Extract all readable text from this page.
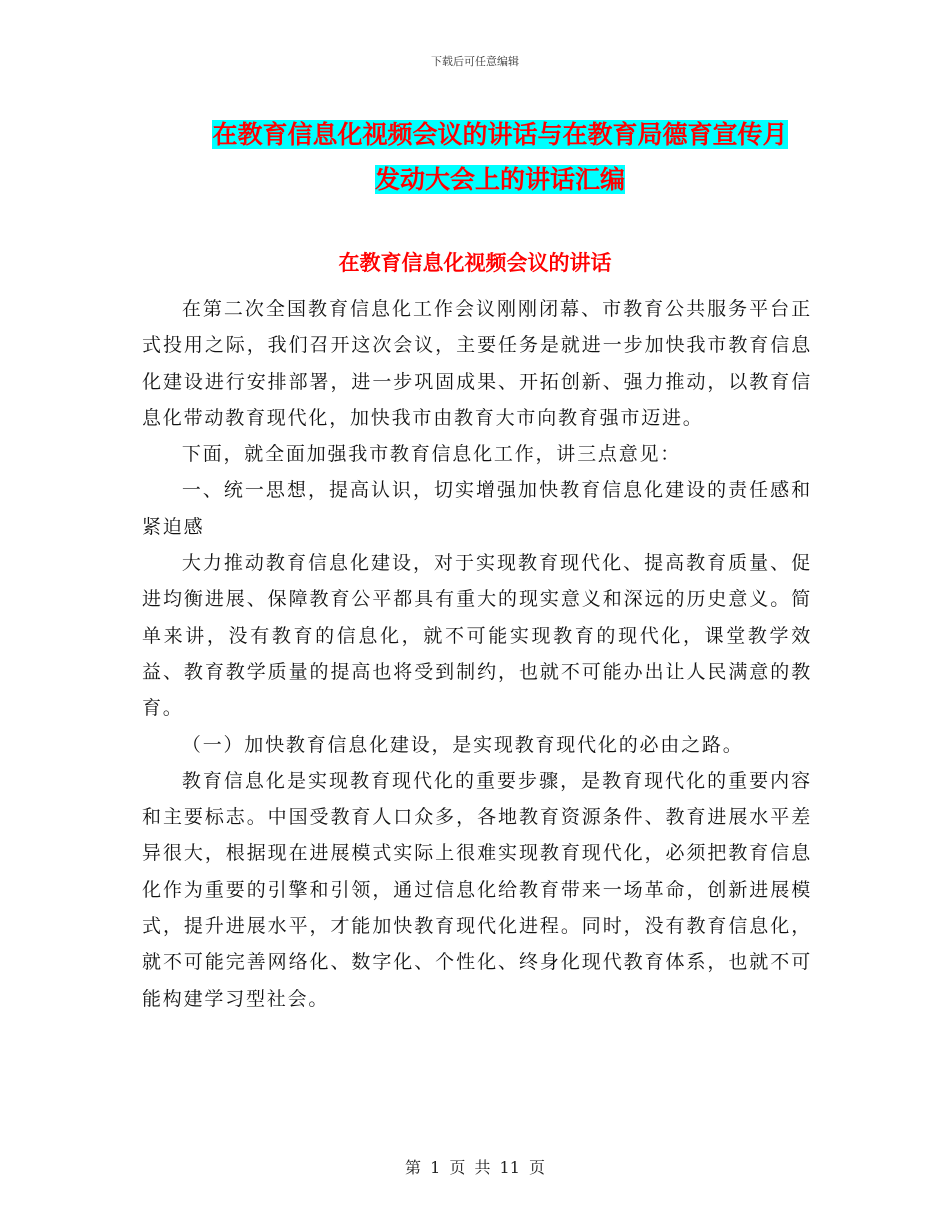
下载后可任意编辑
在教育信息化视频会议的讲话与在教育局德育宣传月
发动大会上的讲话汇编
在教育信息化视频会议的讲话

在第二次全国教育信息化工作会议刚刚闭幕、市教育公共服务平台正式投用之际，我们召开这次会议，主要任务是就进一步加快我市教育信息化建设进行安排部署，进一步巩固成果、开拓创新、强力推动，以教育信息化带动教育现代化，加快我市由教育大市向教育强市迈进。

下面，就全面加强我市教育信息化工作，讲三点意见：

一、统一思想，提高认识，切实增强加快教育信息化建设的责任感和紧迫感

大力推动教育信息化建设，对于实现教育现代化、提高教育质量、促进均衡进展、保障教育公平都具有重大的现实意义和深远的历史意义。简单来讲，没有教育的信息化，就不可能实现教育的现代化，课堂教学效益、教育教学质量的提高也将受到制约，也就不可能办出让人民满意的教育。

（一）加快教育信息化建设，是实现教育现代化的必由之路。

教育信息化是实现教育现代化的重要步骤，是教育现代化的重要内容和主要标志。中国受教育人口众多，各地教育资源条件、教育进展水平差异很大，根据现在进展模式实际上很难实现教育现代化，必须把教育信息化作为重要的引擎和引领，通过信息化给教育带来一场革命，创新进展模式，提升进展水平，才能加快教育现代化进程。同时，没有教育信息化，就不可能完善网络化、数字化、个性化、终身化现代教育体系，也就不可能构建学习型社会。

第 1 页 共 11 页
